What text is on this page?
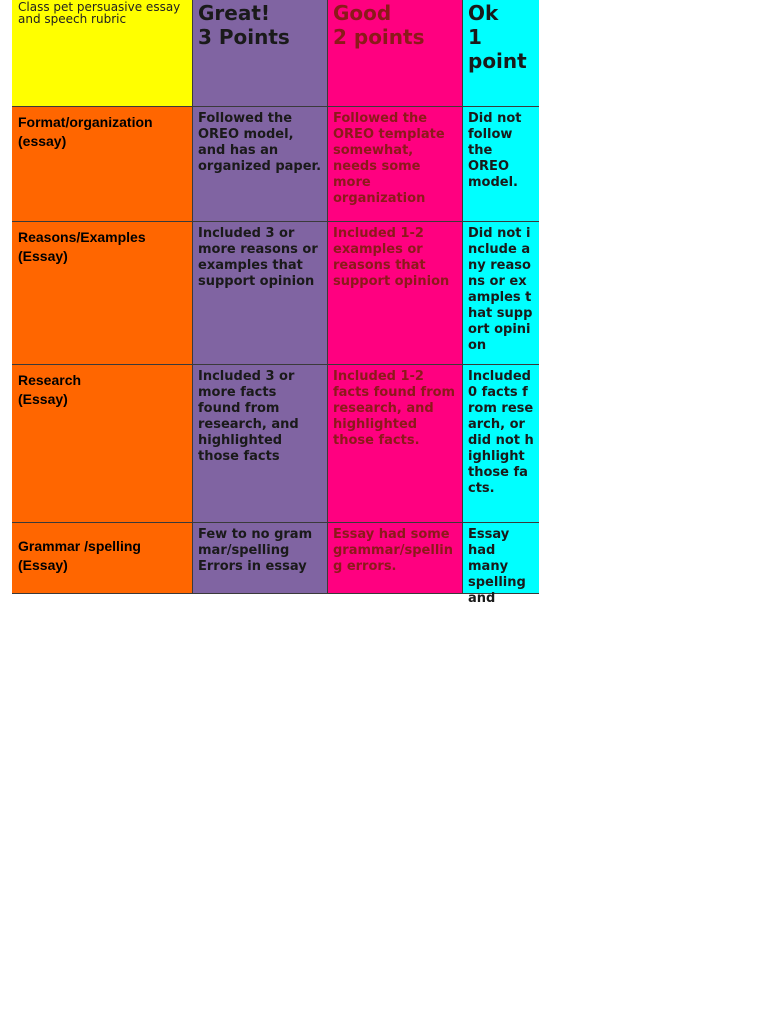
Class pet persuasive essay and speech rubric	Great!
3 Points
Good
2 points
Ok
1
point
Format/organization
(essay)
Followed the OREO model, and has an organized paper.
Followed the OREO template somewhat, needs some more organization
Did not follow the OREO model.
Reasons/Examples
(Essay)
Included 3 or more reasons or examples that support opinion
Included 1-2 examples or reasons that support opinion
Did not include any reasons or examples that support opinion
Research
(Essay)
Included 3 or more facts found from research, and highlighted those facts
Included 1-2 facts found from research, and highlighted those facts.
Included 0 facts from research, or did not highlight those facts.
Grammar /spelling
(Essay)
Few to no grammar/spelling
Errors in essay
Essay had some grammar/spelling errors.
Essay had many spelling and
